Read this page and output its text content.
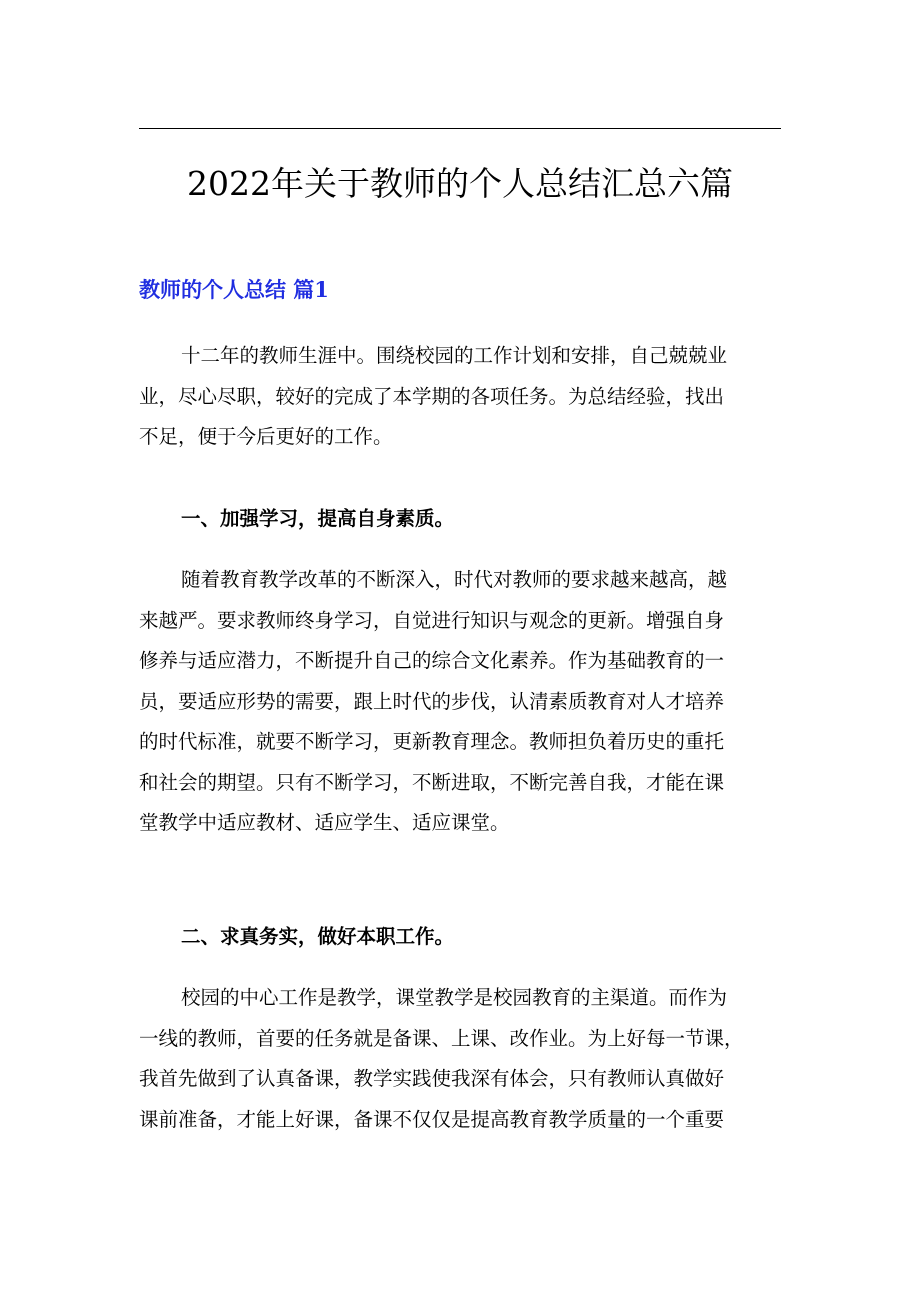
2022年关于教师的个人总结汇总六篇
教师的个人总结 篇1
十二年的教师生涯中。围绕校园的工作计划和安排，自己兢兢业
业，尽心尽职，较好的完成了本学期的各项任务。为总结经验，找出
不足，便于今后更好的工作。
一、加强学习，提高自身素质。
随着教育教学改革的不断深入，时代对教师的要求越来越高，越
来越严。要求教师终身学习，自觉进行知识与观念的更新。增强自身
修养与适应潜力，不断提升自己的综合文化素养。作为基础教育的一
员，要适应形势的需要，跟上时代的步伐，认清素质教育对人才培养
的时代标准，就要不断学习，更新教育理念。教师担负着历史的重托
和社会的期望。只有不断学习，不断进取，不断完善自我，才能在课
堂教学中适应教材、适应学生、适应课堂。
二、求真务实，做好本职工作。
校园的中心工作是教学，课堂教学是校园教育的主渠道。而作为
一线的教师，首要的任务就是备课、上课、改作业。为上好每一节课，
我首先做到了认真备课，教学实践使我深有体会，只有教师认真做好
课前准备，才能上好课，备课不仅仅是提高教育教学质量的一个重要
